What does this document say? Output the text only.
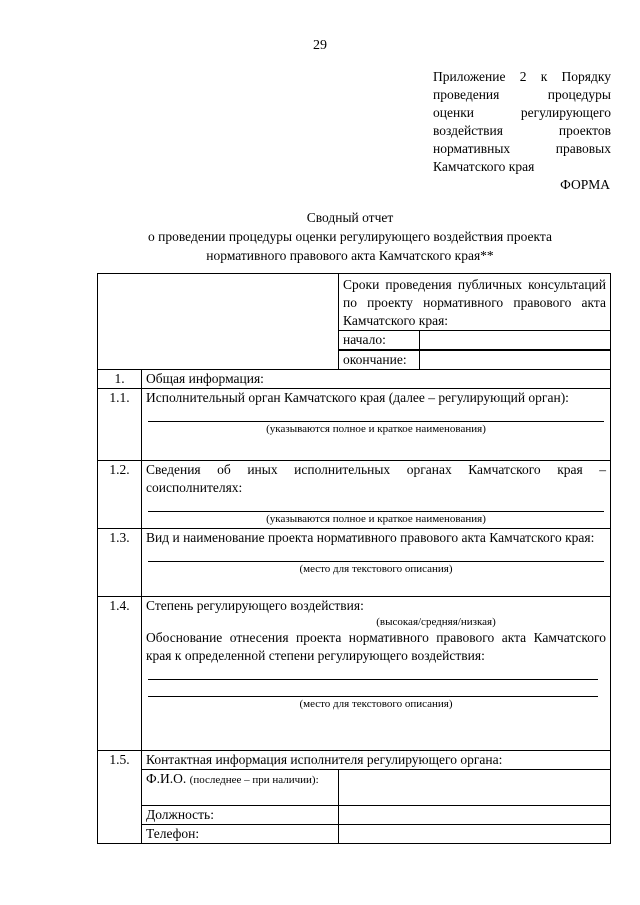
29
Приложение 2 к Порядку
проведения процедуры
оценки регулирующего
воздействия проектов
нормативных правовых

Камчатского края
ФОРМА
Сводный отчет
о проведении процедуры оценки регулирующего воздействия проекта
нормативного правового акта Камчатского края**
	Сроки проведения публичных консультаций по проекту нормативного правового акта Камчатского края:

начало:	

окончание:	

1.	Общая информация:
1.1.	Исполнительный орган Камчатского края (далее – регулирующий орган):
(указываются полное и краткое наименования)

1.2.	Сведения об иных исполнительных органах Камчатского края – соисполнителях:
(указываются полное и краткое наименования)

1.3.	Вид и наименование проекта нормативного правового акта Камчатского края:
(место для текстового описания)

1.4.	Степень регулирующего воздействия:
(высокая/средняя/низкая)
Обоснование отнесения проекта нормативного правового акта Камчатского края к определенной степени регулирующего воздействия:
(место для текстового описания)

1.5.	Контактная информация исполнителя регулирующего органа:
Ф.И.О. (последнее – при наличии):	
Должность:	
Телефон:	
